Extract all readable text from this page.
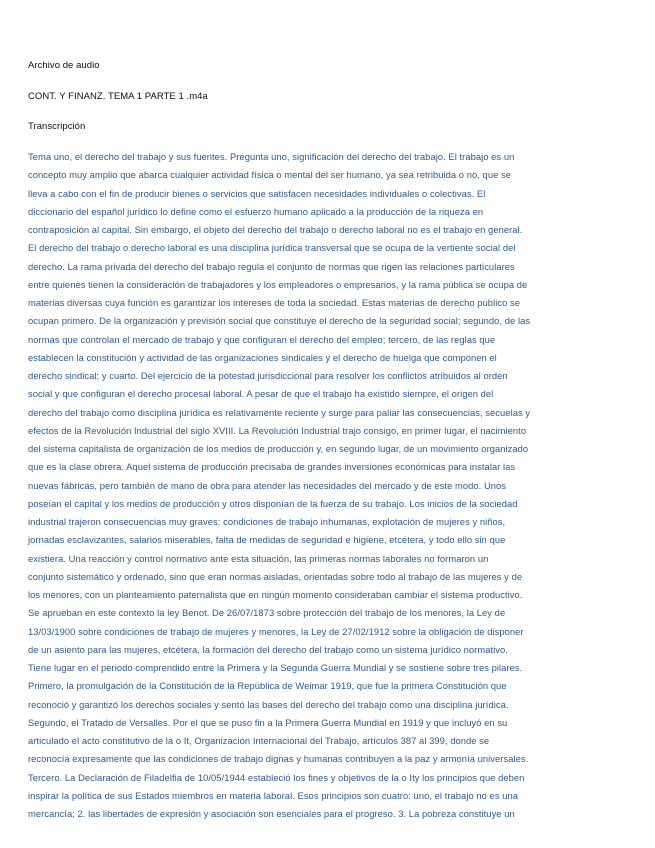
Archivo de audio
CONT. Y FINANZ. TEMA 1 PARTE 1 .m4a
Transcripción
Tema uno, el derecho del trabajo y sus fuentes. Pregunta uno, significación del derecho del trabajo. El trabajo es un
concepto muy amplio que abarca cualquier actividad física o mental del ser humano, ya sea retribuida o no, que se
lleva a cabo con el fin de producir bienes o servicios que satisfacen necesidades individuales o colectivas. El
diccionario del español jurídico lo define como el esfuerzo humano aplicado a la producción de la riqueza en
contraposición al capital. Sin embargo, el objeto del derecho del trabajo o derecho laboral no es el trabajo en general.
El derecho del trabajo o derecho laboral es una disciplina jurídica transversal que se ocupa de la vertiente social del
derecho. La rama privada del derecho del trabajo regula el conjunto de normas que rigen las relaciones particulares
entre quienes tienen la consideración de trabajadores y los empleadores o empresarios, y la rama pública se ocupa de
materias diversas cuya función es garantizar los intereses de toda la sociedad. Estas materias de derecho público se
ocupan primero. De la organización y previsión social que constituye el derecho de la seguridad social; segundo, de las
normas que controlan el mercado de trabajo y que configuran el derecho del empleo; tercero, de las reglas que
establecen la constitución y actividad de las organizaciones sindicales y el derecho de huelga que componen el
derecho sindical; y cuarto. Del ejercicio de la potestad jurisdiccional para resolver los conflictos atribuidos al orden
social y que configuran el derecho procesal laboral. A pesar de que el trabajo ha existido siempre, el origen del
derecho del trabajo como disciplina jurídica es relativamente reciente y surge para paliar las consecuencias, secuelas y
efectos de la Revolución Industrial del siglo XVIII. La Revolución Industrial trajo consigo, en primer lugar, el nacimiento
del sistema capitalista de organización de los medios de producción y, en segundo lugar, de un movimiento organizado
que es la clase obrera. Aquel sistema de producción precisaba de grandes inversiones económicas para instalar las
nuevas fábricas, pero también de mano de obra para atender las necesidades del mercado y de este modo. Unos
poseían el capital y los medios de producción y otros disponían de la fuerza de su trabajo. Los inicios de la sociedad
industrial trajeron consecuencias muy graves: condiciones de trabajo inhumanas, explotación de mujeres y niños,
jornadas esclavizantes, salarios miserables, falta de medidas de seguridad e higiene, etcétera, y todo ello sin que
existiera. Una reacción y control normativo ante esta situación, las primeras normas laborales no formaron un
conjunto sistemático y ordenado, sino que eran normas aisladas, orientadas sobre todo al trabajo de las mujeres y de
los menores, con un planteamiento paternalista que en ningún momento consideraban cambiar el sistema productivo.
Se aprueban en este contexto la ley Benot. De 26/07/1873 sobre protección del trabajo de los menores, la Ley de
13/03/1900 sobre condiciones de trabajo de mujeres y menores, la Ley de 27/02/1912 sobre la obligación de disponer
de un asiento para las mujeres, etcétera, la formación del derecho del trabajo como un sistema jurídico normativo.
Tiene lugar en el periodo comprendido entre la Primera y la Segunda Guerra Mundial y se sostiene sobre tres pilares.
Primero, la promulgación de la Constitución de la República de Weimar 1919, que fue la primera Constitución que
reconoció y garantizó los derechos sociales y sentó las bases del derecho del trabajo como una disciplina jurídica.
Segundo, el Tratado de Versalles. Por el que se puso fin a la Primera Guerra Mundial en 1919 y que incluyó en su
articulado el acto constitutivo de la o It, Organización Internacional del Trabajo, artículos 387 al 399, donde se
reconocía expresamente que las condiciones de trabajo dignas y humanas contribuyen a la paz y armonía universales.
Tercero. La Declaración de Filadelfia de 10/05/1944 estableció los fines y objetivos de la o Ity los principios que deben
inspirar la política de sus Estados miembros en materia laboral. Esos principios son cuatro: uno, el trabajo no es una
mercancía; 2. las libertades de expresión y asociación son esenciales para el progreso. 3. La pobreza constituye un
